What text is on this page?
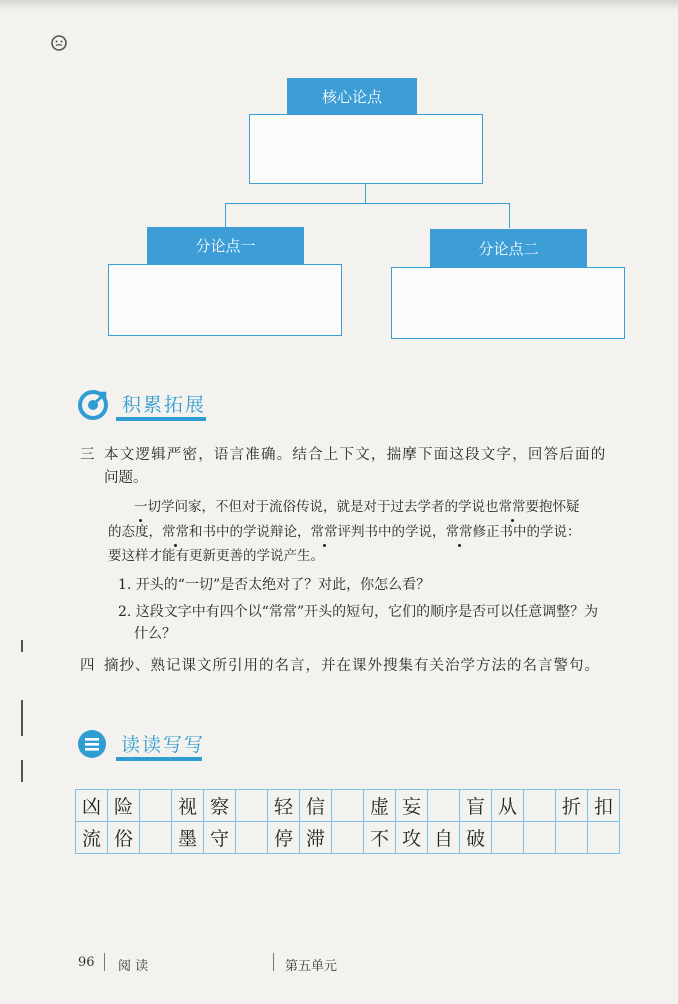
核心论点
分论点一	分论点二
积累拓展
三 本文逻辑严密，语言准确。结合上下文，揣摩下面这段文字，回答后面的
问题。
一切学问家，不但对于流俗传说，就是对于过去学者的学说也常常要抱怀疑
的态度，常常和书中的学说辩论，常常评判书中的学说，常常修正书中的学说：
要这样才能有更新更善的学说产生。
1. 开头的“一切”是否太绝对了？对此，你怎么看？
2. 这段文字中有四个以“常常”开头的短句，它们的顺序是否可以任意调整？为
什么？
四 摘抄、熟记课文所引用的名言，并在课外搜集有关治学方法的名言警句。
读读写写
凶	险		视	察		轻	信		虚	妄		盲	从		折	扣
流	俗		墨	守		停	滞		不	攻	自	破				
96 阅 读	第五单元
